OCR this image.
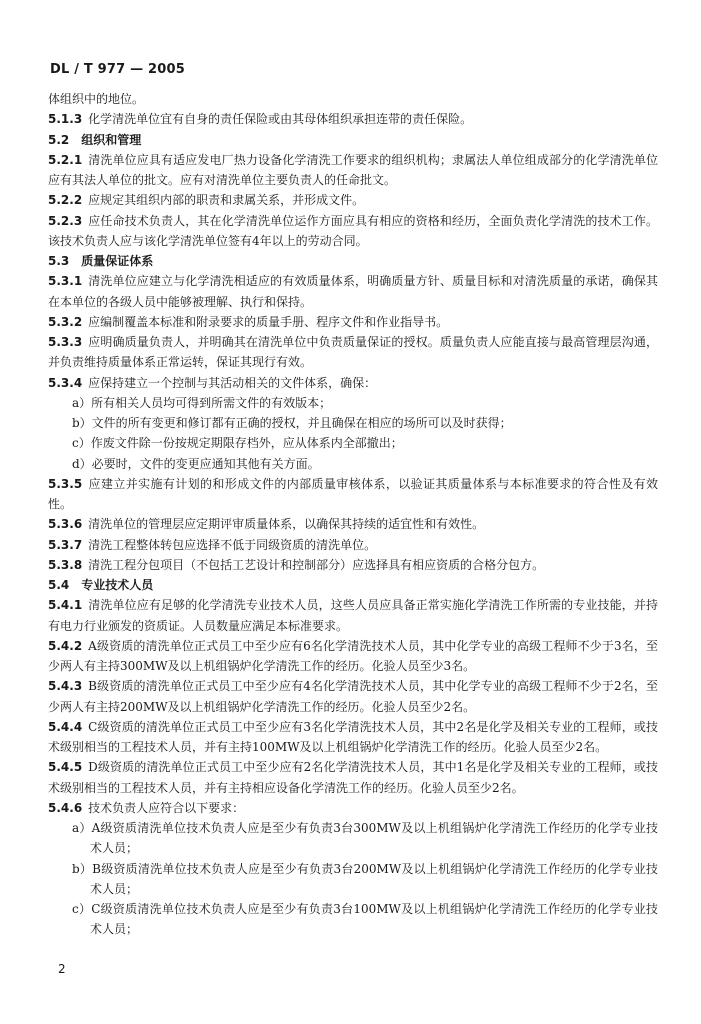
DL / T 977 — 2005

体组织中的地位。

5.1.3 化学清洗单位宜有自身的责任保险或由其母体组织承担连带的责任保险。

5.2 组织和管理

5.2.1 清洗单位应具有适应发电厂热力设备化学清洗工作要求的组织机构；隶属法人单位组成部分的化学清洗单位应有其法人单位的批文。应有对清洗单位主要负责人的任命批文。

5.2.2 应规定其组织内部的职责和隶属关系，并形成文件。

5.2.3 应任命技术负责人，其在化学清洗单位运作方面应具有相应的资格和经历，全面负责化学清洗的技术工作。该技术负责人应与该化学清洗单位签有4年以上的劳动合同。

5.3 质量保证体系

5.3.1 清洗单位应建立与化学清洗相适应的有效质量体系，明确质量方针、质量目标和对清洗质量的承诺，确保其在本单位的各级人员中能够被理解、执行和保持。

5.3.2 应编制覆盖本标准和附录要求的质量手册、程序文件和作业指导书。

5.3.3 应明确质量负责人，并明确其在清洗单位中负责质量保证的授权。质量负责人应能直接与最高管理层沟通，并负责维持质量体系正常运转，保证其现行有效。

5.3.4 应保持建立一个控制与其活动相关的文件体系，确保：

a）所有相关人员均可得到所需文件的有效版本；

b）文件的所有变更和修订都有正确的授权，并且确保在相应的场所可以及时获得；

c）作废文件除一份按规定期限存档外，应从体系内全部撤出；

d）必要时，文件的变更应通知其他有关方面。

5.3.5 应建立并实施有计划的和形成文件的内部质量审核体系，以验证其质量体系与本标准要求的符合性及有效性。

5.3.6 清洗单位的管理层应定期评审质量体系，以确保其持续的适宜性和有效性。

5.3.7 清洗工程整体转包应选择不低于同级资质的清洗单位。

5.3.8 清洗工程分包项目（不包括工艺设计和控制部分）应选择具有相应资质的合格分包方。

5.4 专业技术人员

5.4.1 清洗单位应有足够的化学清洗专业技术人员，这些人员应具备正常实施化学清洗工作所需的专业技能，并持有电力行业颁发的资质证。人员数量应满足本标准要求。

5.4.2 A级资质的清洗单位正式员工中至少应有6名化学清洗技术人员，其中化学专业的高级工程师不少于3名，至少两人有主持300MW及以上机组锅炉化学清洗工作的经历。化验人员至少3名。

5.4.3 B级资质的清洗单位正式员工中至少应有4名化学清洗技术人员，其中化学专业的高级工程师不少于2名，至少两人有主持200MW及以上机组锅炉化学清洗工作的经历。化验人员至少2名。

5.4.4 C级资质的清洗单位正式员工中至少应有3名化学清洗技术人员，其中2名是化学及相关专业的工程师，或技术级别相当的工程技术人员，并有主持100MW及以上机组锅炉化学清洗工作的经历。化验人员至少2名。

5.4.5 D级资质的清洗单位正式员工中至少应有2名化学清洗技术人员，其中1名是化学及相关专业的工程师，或技术级别相当的工程技术人员，并有主持相应设备化学清洗工作的经历。化验人员至少2名。

5.4.6 技术负责人应符合以下要求：

a）A级资质清洗单位技术负责人应是至少有负责3台300MW及以上机组锅炉化学清洗工作经历的化学专业技术人员；

b）B级资质清洗单位技术负责人应是至少有负责3台200MW及以上机组锅炉化学清洗工作经历的化学专业技术人员；

c）C级资质清洗单位技术负责人应是至少有负责3台100MW及以上机组锅炉化学清洗工作经历的化学专业技术人员；

2
